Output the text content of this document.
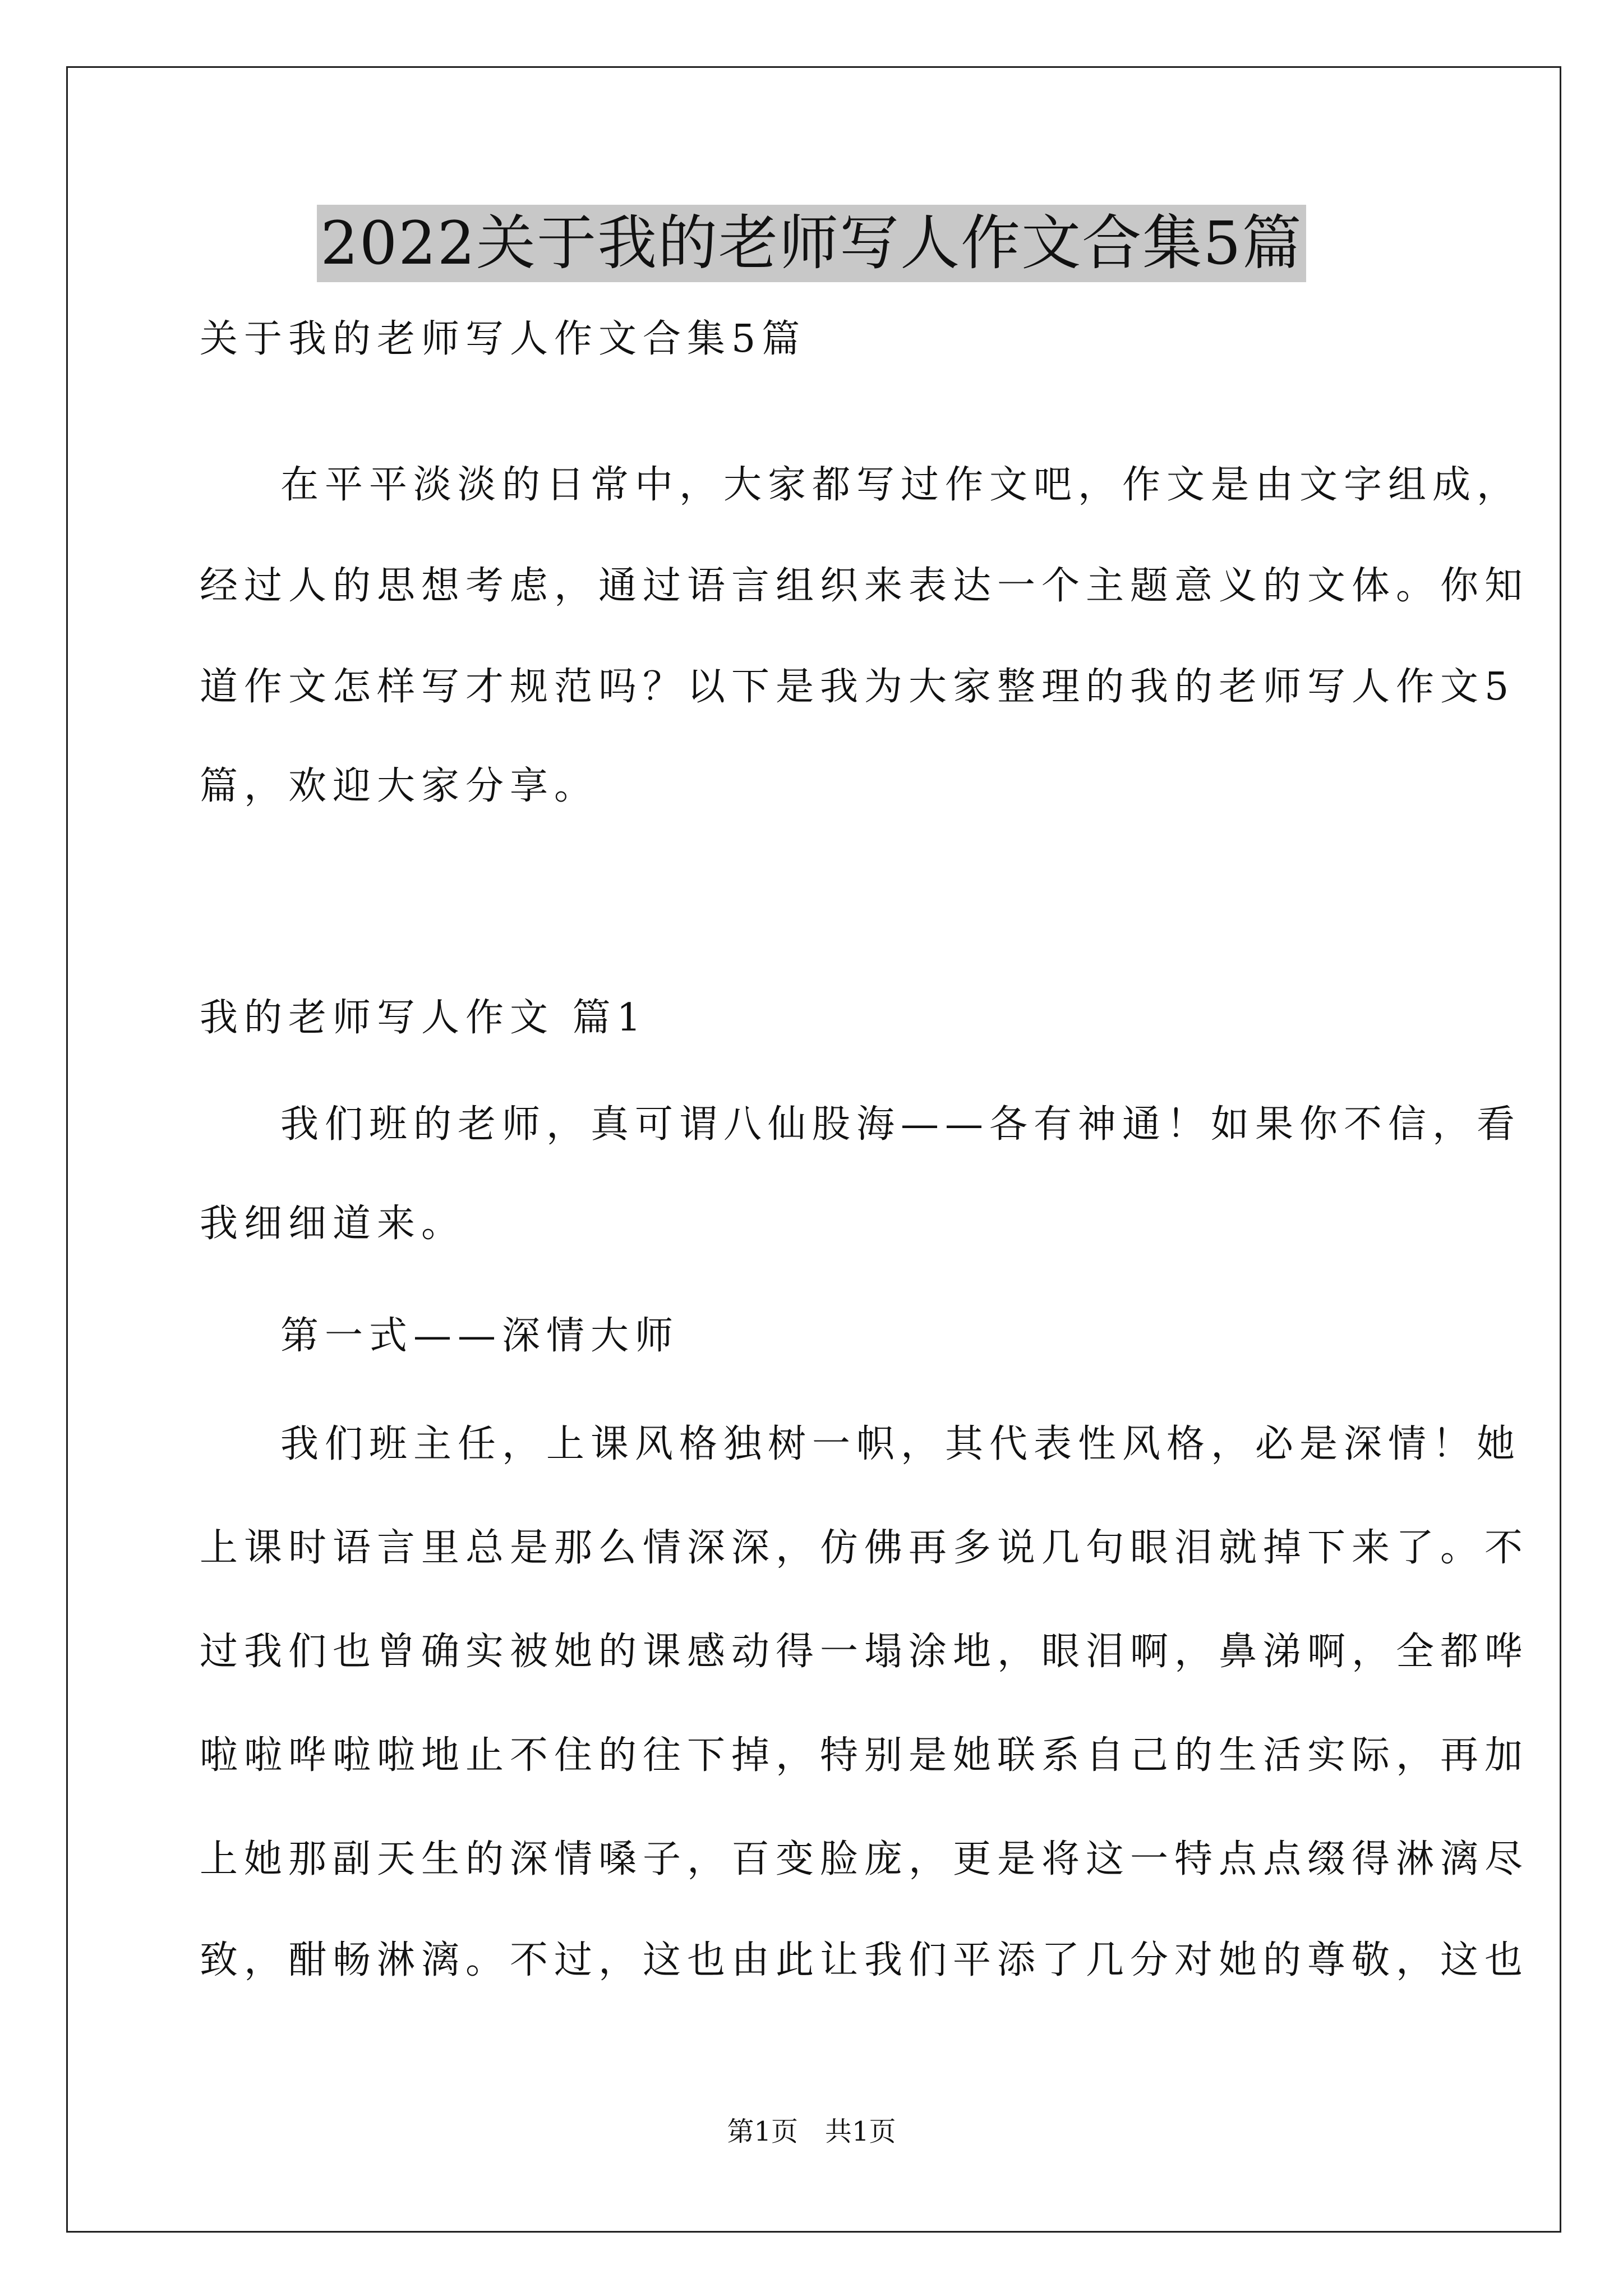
2022关于我的老师写人作文合集5篇
关于我的老师写人作文合集5篇
在平平淡淡的日常中，大家都写过作文吧，作文是由文字组成，
经过人的思想考虑，通过语言组织来表达一个主题意义的文体。你知
道作文怎样写才规范吗？以下是我为大家整理的我的老师写人作文5
篇，欢迎大家分享。
我的老师写人作文 篇1
我们班的老师，真可谓八仙股海——各有神通！如果你不信，看
我细细道来。
第一式——深情大师
我们班主任，上课风格独树一帜，其代表性风格，必是深情！她
上课时语言里总是那么情深深，仿佛再多说几句眼泪就掉下来了。不
过我们也曾确实被她的课感动得一塌涂地，眼泪啊，鼻涕啊，全都哗
啦啦哗啦啦地止不住的往下掉，特别是她联系自己的生活实际，再加
上她那副天生的深情嗓子，百变脸庞，更是将这一特点点缀得淋漓尽
致，酣畅淋漓。不过，这也由此让我们平添了几分对她的尊敬，这也
第1页　共1页
